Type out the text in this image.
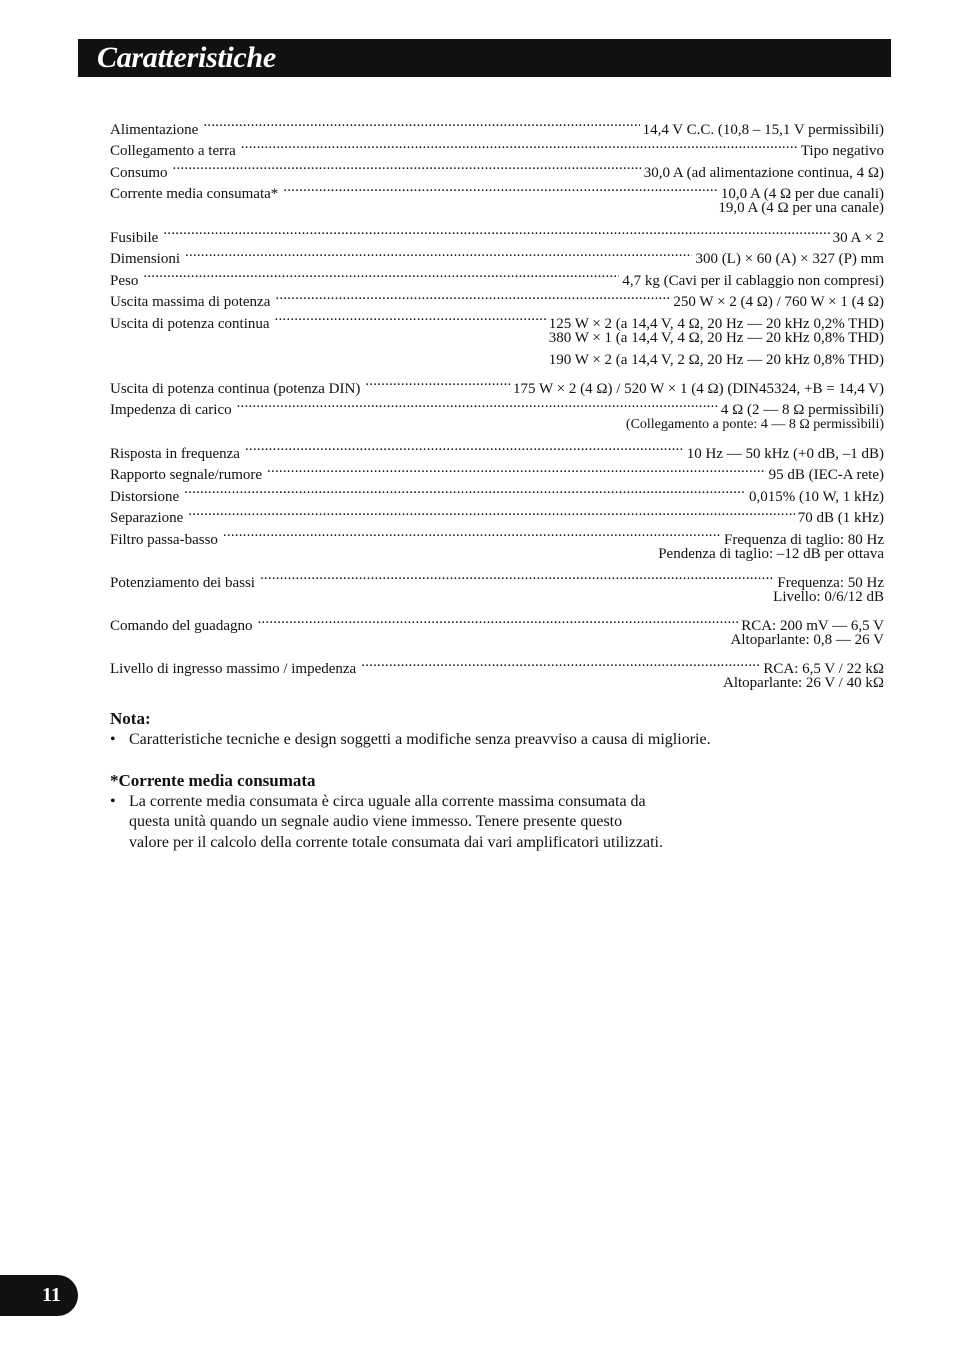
Caratteristiche
Alimentazione .....	14,4 V C.C. (10,8 – 15,1 V permissìbili)
Collegamento a terra .....	Tipo negativo
Consumo .....	30,0 A (ad alimentazione continua, 4 Ω)
Corrente media consumata* .....	10,0 A (4 Ω per due canali)
19,0 A (4 Ω per una canale)
Fusibile .....	30 A × 2
Dimensioni .....	300 (L) × 60 (A) × 327 (P) mm
Peso .....	4,7 kg (Cavi per il cablaggio non compresi)
Uscita massima di potenza .....	250 W × 2 (4 Ω) / 760 W × 1 (4 Ω)
Uscita di potenza continua .....	125 W × 2 (a 14,4 V, 4 Ω, 20 Hz — 20 kHz 0,2% THD)
380 W × 1 (a 14,4 V, 4 Ω, 20 Hz — 20 kHz 0,8% THD)
190 W × 2 (a 14,4 V, 2 Ω, 20 Hz — 20 kHz 0,8% THD)
Uscita di potenza continua (potenza DIN) .....	175 W × 2 (4 Ω) / 520 W × 1 (4 Ω) (DIN45324, +B = 14,4 V)
Impedenza di carico .....	4 Ω (2 — 8 Ω permissìbili)
(Collegamento a ponte: 4 — 8 Ω permissìbili)
Risposta in frequenza .....	10 Hz — 50 kHz (+0 dB, –1 dB)
Rapporto segnale/rumore .....	95 dB (IEC-A rete)
Distorsione .....	0,015% (10 W, 1 kHz)
Separazione .....	70 dB (1 kHz)
Filtro passa-basso .....	Frequenza di taglio: 80 Hz
Pendenza di taglio: –12 dB per ottava
Potenziamento dei bassi .....	Frequenza: 50 Hz
Livello: 0/6/12 dB
Comando del guadagno .....	RCA: 200 mV — 6,5 V
Altoparlante: 0,8 — 26 V
Livello di ingresso massimo / impedenza .....	RCA: 6,5 V / 22 kΩ
Altoparlante: 26 V / 40 kΩ
Nota:
• Caratteristiche tecniche e design soggetti a modifiche senza preavviso a causa di migliorie.
*Corrente media consumata
• La corrente media consumata è circa uguale alla corrente massima consumata da
questa unità quando un segnale audio viene immesso. Tenere presente questo
valore per il calcolo della corrente totale consumata dai vari amplificatori utilizzati.
11
